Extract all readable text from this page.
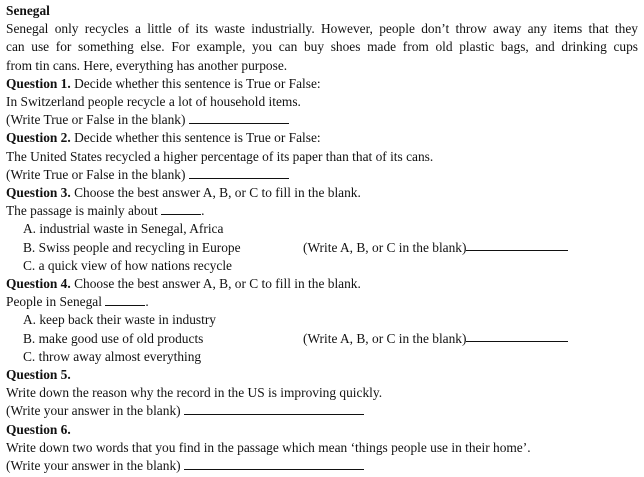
Senegal
Senegal only recycles a little of its waste industrially. However, people don’t throw away any items that they
can use for something else. For example, you can buy shoes made from old plastic bags, and drinking cups
from tin cans. Here, everything has another purpose.
Question 1. Decide whether this sentence is True or False:
In Switzerland people recycle a lot of household items.
(Write True or False in the blank)
Question 2. Decide whether this sentence is True or False:
The United States recycled a higher percentage of its paper than that of its cans.
(Write True or False in the blank)
Question 3. Choose the best answer A, B, or C to fill in the blank.
The passage is mainly about	.
A. industrial waste in Senegal, Africa
B. Swiss people and recycling in Europe	(Write A, B, or C in the blank)
C. a quick view of how nations recycle
Question 4. Choose the best answer A, B, or C to fill in the blank.
People in Senegal	.
A. keep back their waste in industry
B. make good use of old products	(Write A, B, or C in the blank)
C. throw away almost everything
Question 5.
Write down the reason why the record in the US is improving quickly.
(Write your answer in the blank)
Question 6.
Write down two words that you find in the passage which mean ‘things people use in their home’.
(Write your answer in the blank)
